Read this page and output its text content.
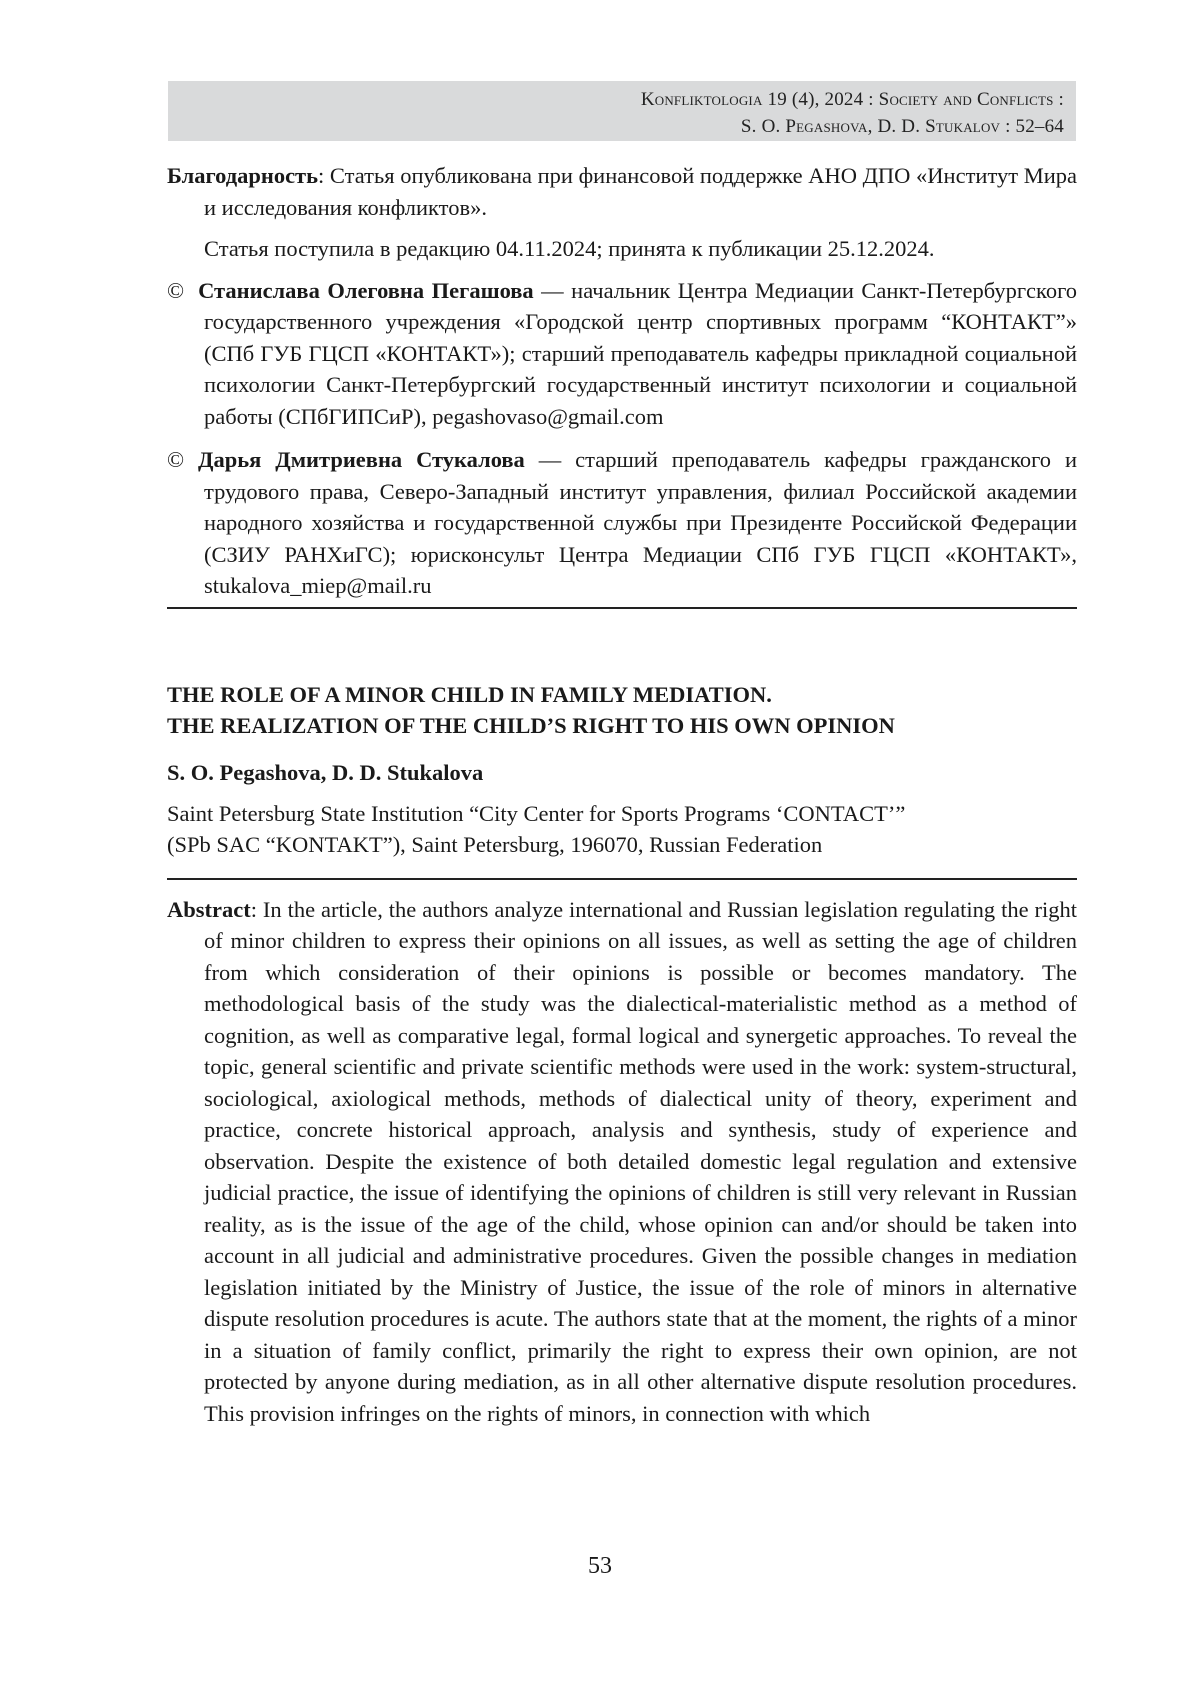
Konfliktologia 19 (4), 2024 : Society and Conflicts :
S. O. Pegashova, D. D. Stukalov : 52–64

Благодарность: Статья опубликована при финансовой поддержке АНО ДПО «Институт Мира и исследования конфликтов».

Статья поступила в редакцию 04.11.2024; принята к публикации 25.12.2024.

© Станислава Олеговна Пегашова — начальник Центра Медиации Санкт-Петербургского государственного учреждения «Городской центр спортивных программ “КОНТАКТ”» (СПб ГУБ ГЦСП «КОНТАКТ»); старший преподаватель кафедры прикладной социальной психологии Санкт-Петербургский государственный институт психологии и социальной работы (СПбГИПСиР), pegashovaso@gmail.com

© Дарья Дмитриевна Стукалова — старший преподаватель кафедры гражданского и трудового права, Северо-Западный институт управления, филиал Российской академии народного хозяйства и государственной службы при Президенте Российской Федерации (СЗИУ РАНХиГС); юрисконсульт Центра Медиации СПб ГУБ ГЦСП «КОНТАКТ», stukalova_miep@mail.ru

THE ROLE OF A MINOR CHILD IN FAMILY MEDIATION.
THE REALIZATION OF THE CHILD’S RIGHT TO HIS OWN OPINION
S. O. Pegashova, D. D. Stukalova
Saint Petersburg State Institution “City Center for Sports Programs ‘CONTACT’”
(SPb SAC “KONTAKT”), Saint Petersburg, 196070, Russian Federation

Abstract: In the article, the authors analyze international and Russian legislation regulating the right of minor children to express their opinions on all issues, as well as setting the age of children from which consideration of their opinions is possible or becomes mandatory. The methodological basis of the study was the dialectical-materialistic method as a method of cognition, as well as comparative legal, formal logical and synergetic approaches. To reveal the topic, general scientific and private scientific methods were used in the work: system-structural, sociological, axiological methods, methods of dialectical unity of theory, experiment and practice, concrete historical approach, analysis and synthesis, study of experience and observation. Despite the existence of both detailed domestic legal regulation and extensive judicial practice, the issue of identifying the opinions of children is still very relevant in Russian reality, as is the issue of the age of the child, whose opinion can and/or should be taken into account in all judicial and administrative procedures. Given the possible changes in mediation legislation initiated by the Ministry of Justice, the issue of the role of minors in alternative dispute resolution procedures is acute. The authors state that at the moment, the rights of a minor in a situation of family conflict, primarily the right to express their own opinion, are not protected by anyone during mediation, as in all other alternative dispute resolution procedures. This provision infringes on the rights of minors, in connection with which

53
